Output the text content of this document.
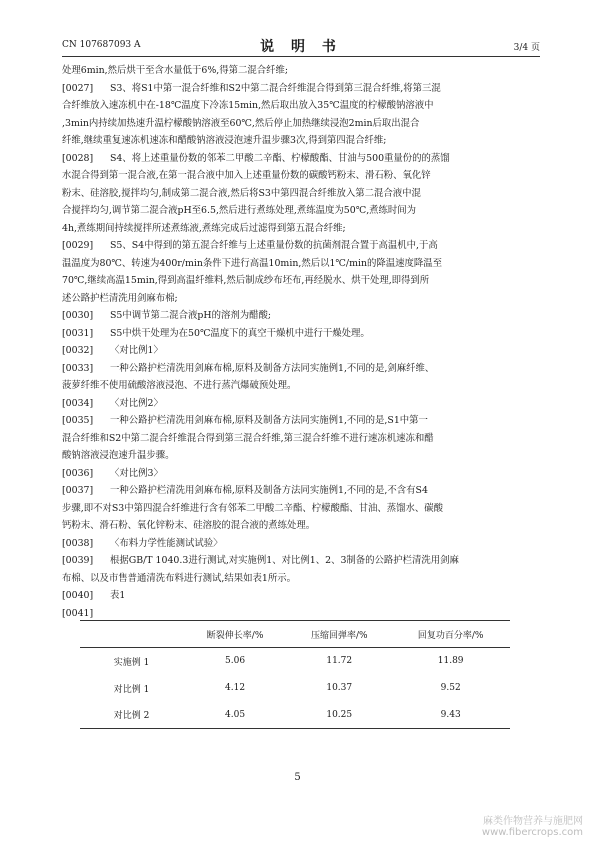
CN 107687093 A	说 明 书	3/4 页
处理6min,然后烘干至含水量低于6%,得第二混合纤维;
[0027]	S3、将S1中第一混合纤维和S2中第二混合纤维混合得到第三混合纤维,将第三混
合纤维放入速冻机中在-18℃温度下冷冻15min,然后取出放入35℃温度的柠檬酸钠溶液中
,3min内持续加热速升温柠檬酸钠溶液至60℃,然后停止加热继续浸泡2min后取出混合
纤维,继续重复速冻机速冻和醋酸钠溶液浸泡速升温步骤3次,得到第四混合纤维;
[0028]	S4、将上述重量份数的邻苯二甲酸二辛酯、柠檬酸酯、甘油与500重量份的的蒸馏
水混合得到第一混合液,在第一混合液中加入上述重量份数的碳酸钙粉末、滑石粉、氧化锌
粉末、硅溶胶,搅拌均匀,制成第二混合液,然后将S3中第四混合纤维放入第二混合液中混
合搅拌均匀,调节第二混合液pH至6.5,然后进行煮练处理,煮练温度为50℃,煮练时间为
4h,煮练期间持续搅拌所述煮练液,煮练完成后过滤得到第五混合纤维;
[0029]	S5、S4中得到的第五混合纤维与上述重量份数的抗菌剂混合置于高温机中,于高
温温度为80℃、转速为400r/min条件下进行高温10min,然后以1℃/min的降温速度降温至
70℃,继续高温15min,得到高温纤维料,然后制成纱布坯布,再经脱水、烘干处理,即得到所
述公路护栏清洗用剑麻布棉;
[0030]	S5中调节第二混合液pH的溶剂为醋酸;
[0031]	S5中烘干处理为在50℃温度下的真空干燥机中进行干燥处理。
[0032]	〈对比例1〉
[0033]	一种公路护栏清洗用剑麻布棉,原料及制备方法同实施例1,不同的是,剑麻纤维、
菠萝纤维不使用硫酸溶液浸泡、不进行蒸汽爆破预处理。
[0034]	〈对比例2〉
[0035]	一种公路护栏清洗用剑麻布棉,原料及制备方法同实施例1,不同的是,S1中第一
混合纤维和S2中第二混合纤维混合得到第三混合纤维,第三混合纤维不进行速冻机速冻和醋
酸钠溶液浸泡速升温步骤。
[0036]	〈对比例3〉
[0037]	一种公路护栏清洗用剑麻布棉,原料及制备方法同实施例1,不同的是,不含有S4
步骤,即不对S3中第四混合纤维进行含有邻苯二甲酸二辛酯、柠檬酸酯、甘油、蒸馏水、碳酸
钙粉末、滑石粉、氧化锌粉末、硅溶胶的混合液的煮练处理。
[0038]	〈布料力学性能测试试验〉
[0039]	根据GB/T 1040.3进行测试,对实施例1、对比例1、2、3制备的公路护栏清洗用剑麻
布棉、以及市售普通清洗布料进行测试,结果如表1所示。
[0040]	表1
[0041]
	断裂伸长率/%	压缩回弹率/%	回复功百分率/%
实施例 1	5.06	11.72	11.89
对比例 1	4.12	10.37	9.52
对比例 2	4.05	10.25	9.43
5
麻类作物营养与施肥网
www.fibercrops.com
